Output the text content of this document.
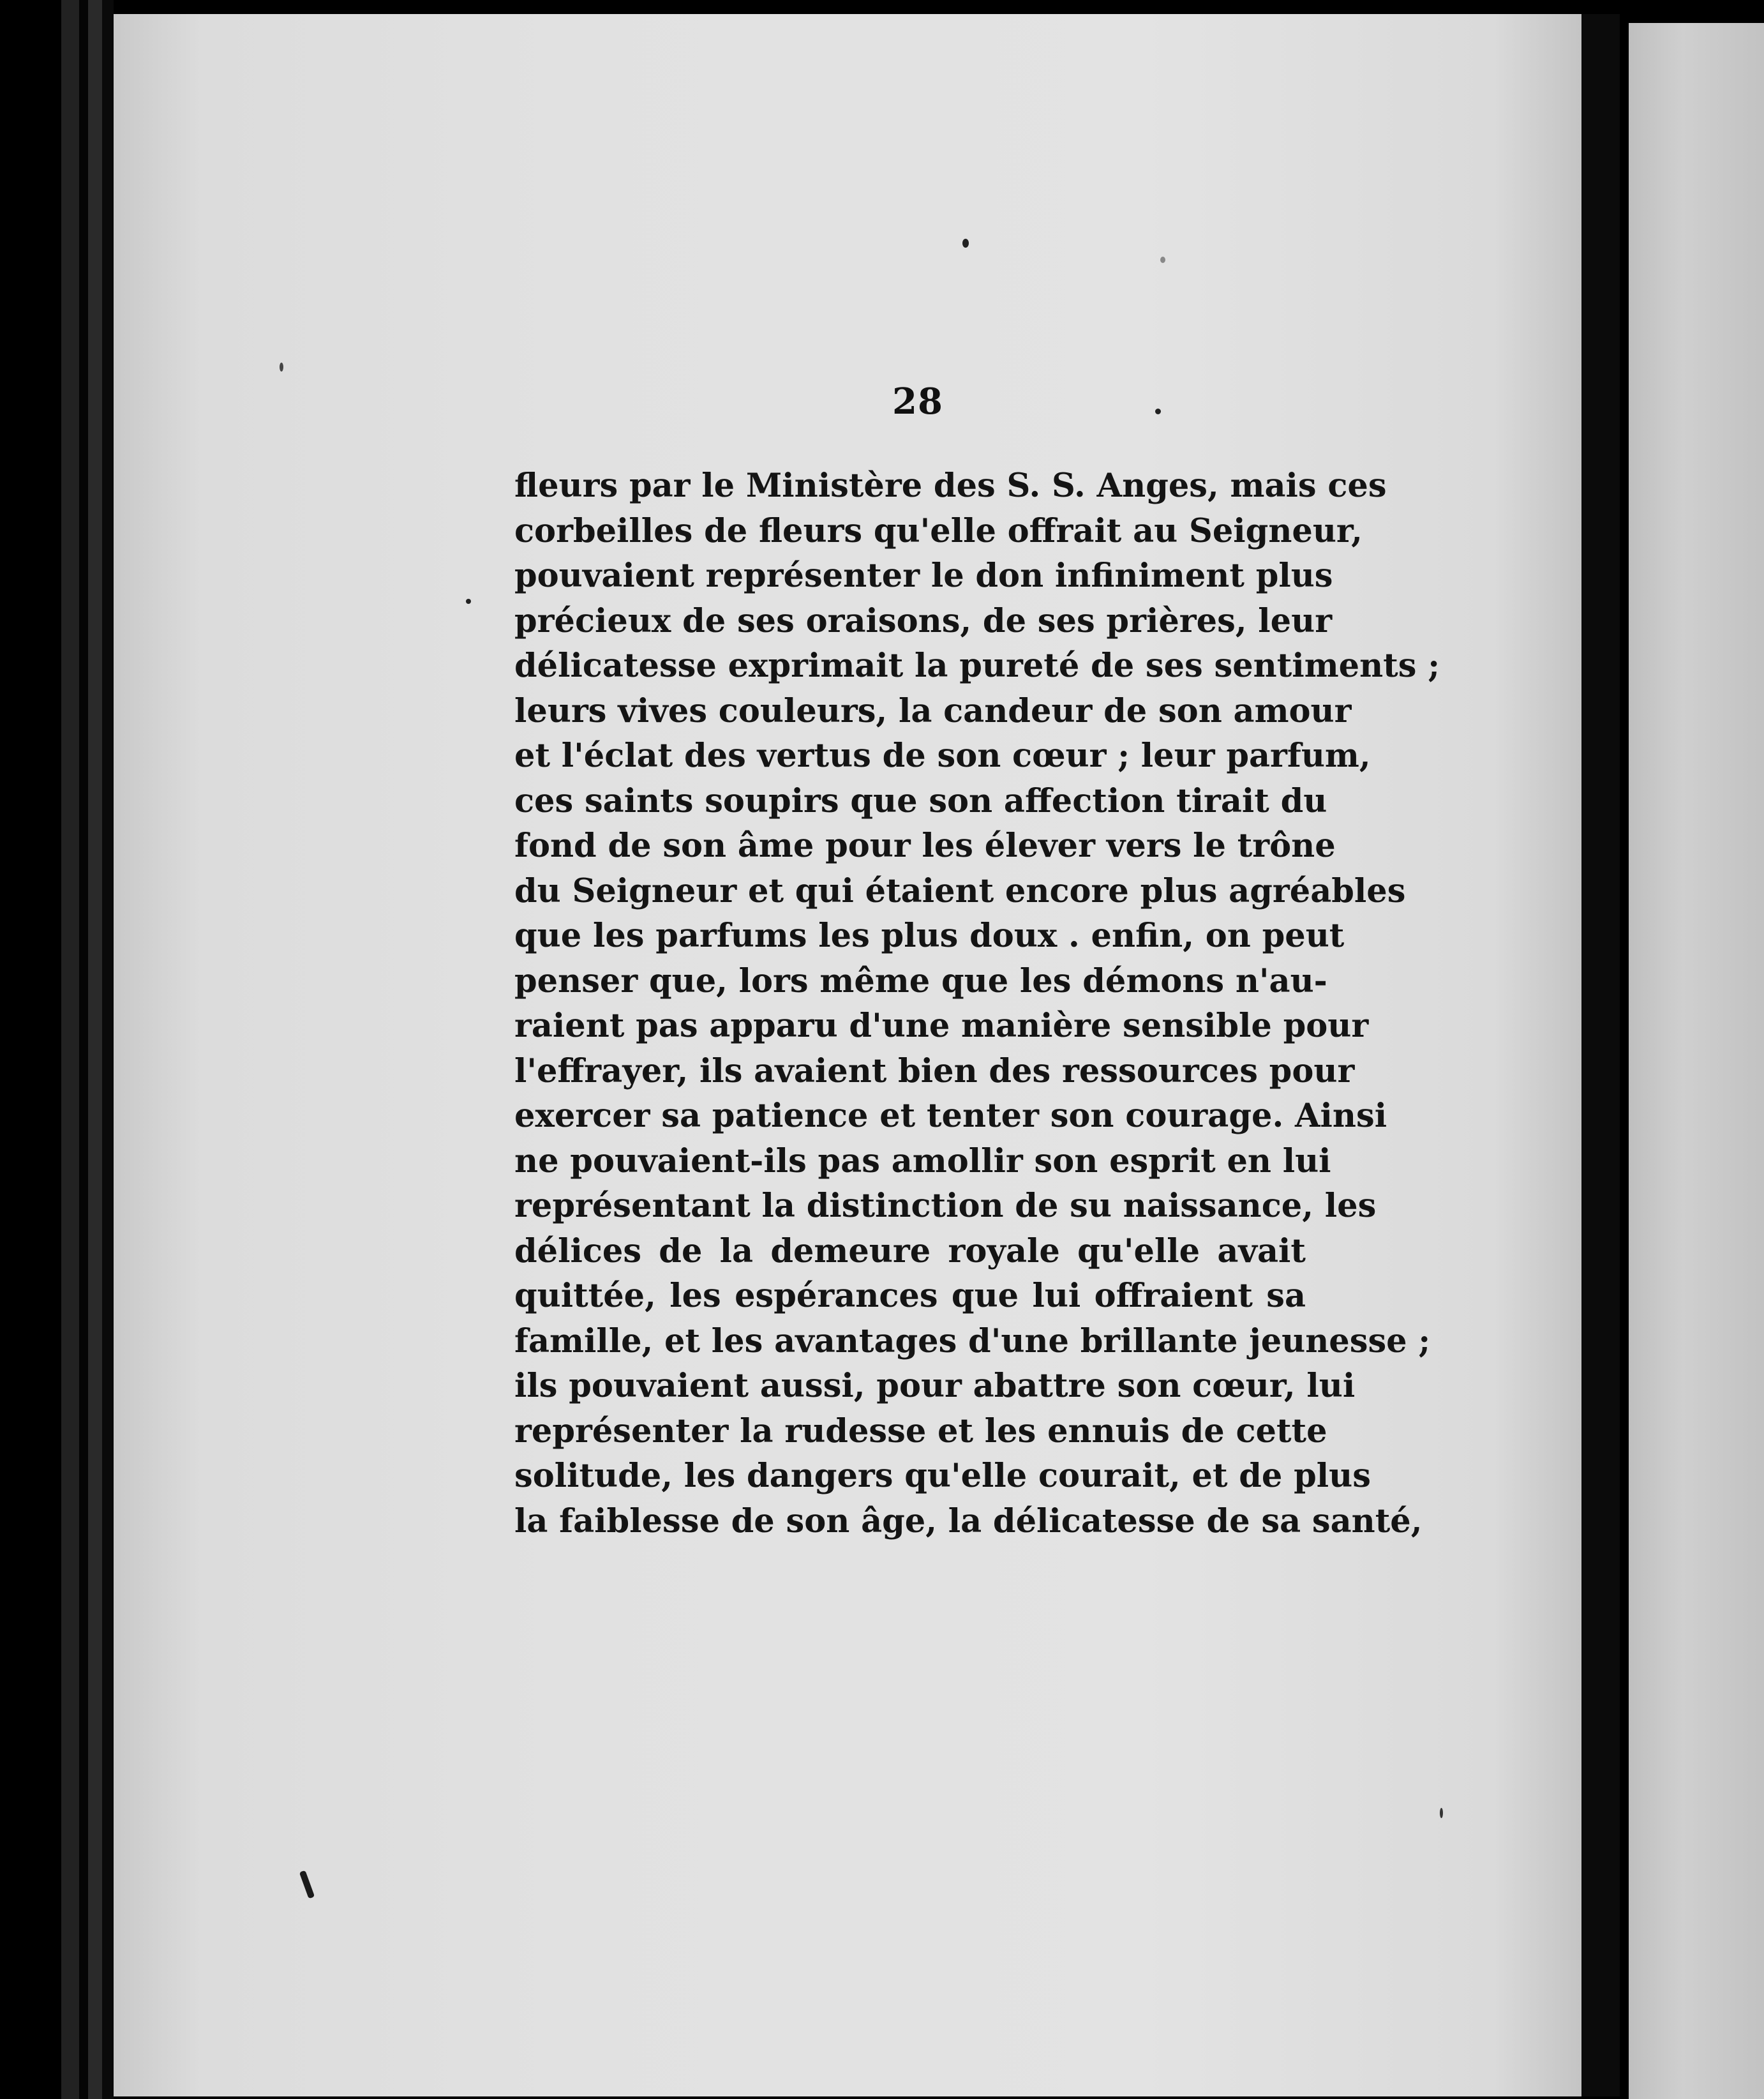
28
fleurs par le Ministère des S. S. Anges, mais ces
corbeilles de fleurs qu'elle offrait au Seigneur,
pouvaient représenter le don infiniment plus
précieux de ses oraisons, de ses prières, leur
délicatesse exprimait la pureté de ses sentiments ;
leurs vives couleurs, la candeur de son amour
et l'éclat des vertus de son cœur ; leur parfum,
ces saints soupirs que son affection tirait du
fond de son âme pour les élever vers le trône
du Seigneur et qui étaient encore plus agréables
que les parfums les plus doux . enfin, on peut
penser que, lors même que les démons n'au-
raient pas apparu d'une manière sensible pour
l'effrayer, ils avaient bien des ressources pour
exercer sa patience et tenter son courage. Ainsi
ne pouvaient-ils pas amollir son esprit en lui
représentant la distinction de su naissance, les
délices de la demeure royale qu'elle avait
quittée, les espérances que lui offraient sa
famille, et les avantages d'une brillante jeunesse ;
ils pouvaient aussi, pour abattre son cœur, lui
représenter la rudesse et les ennuis de cette
solitude, les dangers qu'elle courait, et de plus
la faiblesse de son âge, la délicatesse de sa santé,
